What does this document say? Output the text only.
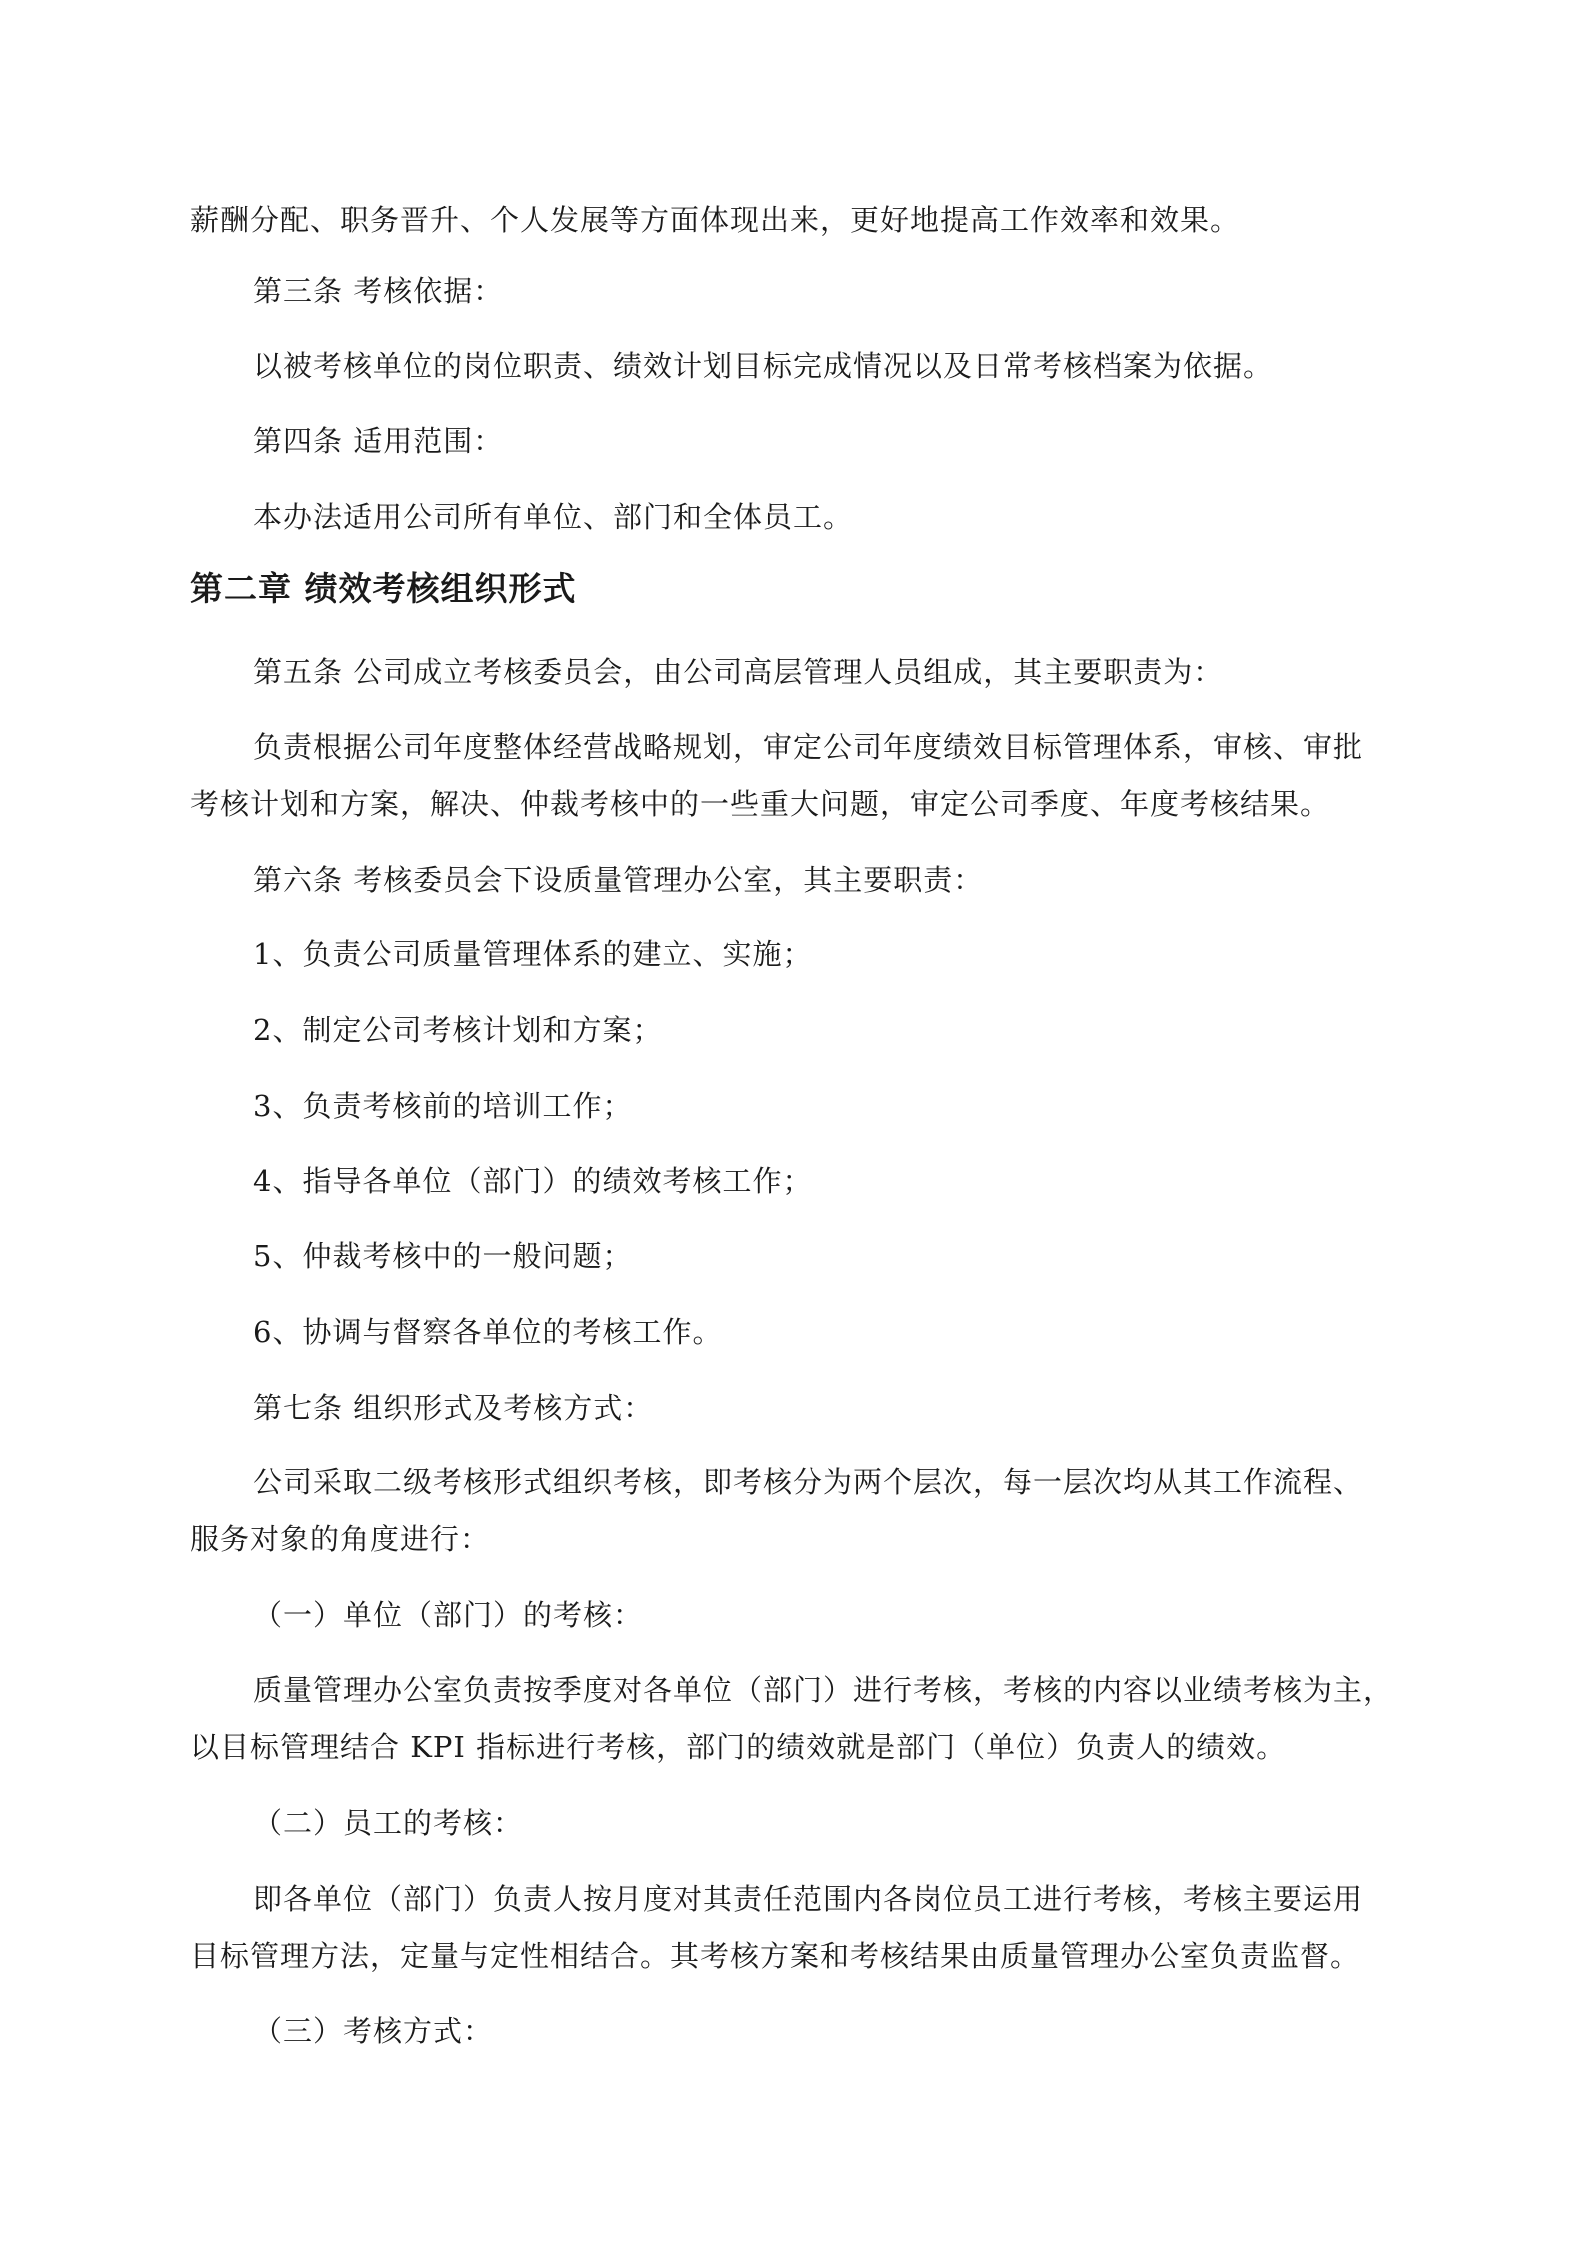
薪酬分配、职务晋升、个人发展等方面体现出来，更好地提高工作效率和效果。
第三条 考核依据：
以被考核单位的岗位职责、绩效计划目标完成情况以及日常考核档案为依据。
第四条 适用范围：
本办法适用公司所有单位、部门和全体员工。
第二章 绩效考核组织形式
第五条 公司成立考核委员会，由公司高层管理人员组成，其主要职责为：
负责根据公司年度整体经营战略规划，审定公司年度绩效目标管理体系，审核、审批
考核计划和方案，解决、仲裁考核中的一些重大问题，审定公司季度、年度考核结果。
第六条 考核委员会下设质量管理办公室，其主要职责：
1、负责公司质量管理体系的建立、实施；
2、制定公司考核计划和方案；
3、负责考核前的培训工作；
4、指导各单位（部门）的绩效考核工作；
5、仲裁考核中的一般问题；
6、协调与督察各单位的考核工作。
第七条 组织形式及考核方式：
公司采取二级考核形式组织考核，即考核分为两个层次，每一层次均从其工作流程、
服务对象的角度进行：
（一）单位（部门）的考核：
质量管理办公室负责按季度对各单位（部门）进行考核，考核的内容以业绩考核为主，
以目标管理结合 KPI 指标进行考核，部门的绩效就是部门（单位）负责人的绩效。
（二）员工的考核：
即各单位（部门）负责人按月度对其责任范围内各岗位员工进行考核，考核主要运用
目标管理方法，定量与定性相结合。其考核方案和考核结果由质量管理办公室负责监督。
（三）考核方式：
